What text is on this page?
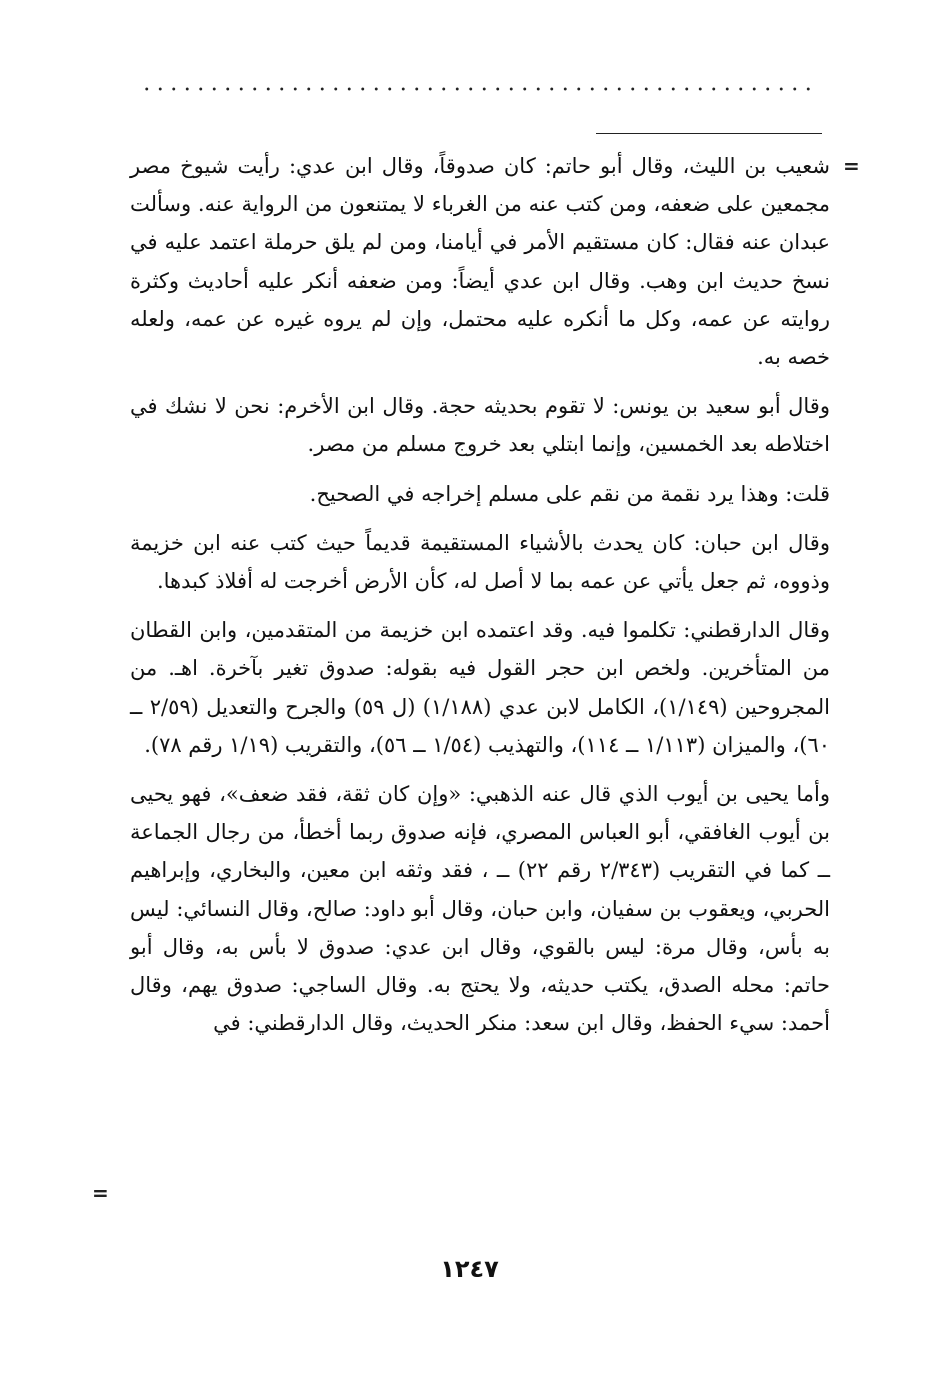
=

شعيب بن الليث، وقال أبو حاتم: كان صدوقاً، وقال ابن عدي: رأيت شيوخ مصر مجمعين على ضعفه، ومن كتب عنه من الغرباء لا يمتنعون من الرواية عنه. وسألت عبدان عنه فقال: كان مستقيم الأمر في أيامنا، ومن لم يلق حرملة اعتمد عليه في نسخ حديث ابن وهب. وقال ابن عدي أيضاً: ومن ضعفه أنكر عليه أحاديث وكثرة روايته عن عمه، وكل ما أنكره عليه محتمل، وإن لم يروه غيره عن عمه، ولعله خصه به.

وقال أبو سعيد بن يونس: لا تقوم بحديثه حجة. وقال ابن الأخرم: نحن لا نشك في اختلاطه بعد الخمسين، وإنما ابتلي بعد خروج مسلم من مصر.

قلت: وهذا يرد نقمة من نقم على مسلم إخراجه في الصحيح.

وقال ابن حبان: كان يحدث بالأشياء المستقيمة قديماً حيث كتب عنه ابن خزيمة وذووه، ثم جعل يأتي عن عمه بما لا أصل له، كأن الأرض أخرجت له أفلاذ كبدها.

وقال الدارقطني: تكلموا فيه. وقد اعتمده ابن خزيمة من المتقدمين، وابن القطان من المتأخرين. ولخص ابن حجر القول فيه بقوله: صدوق تغير بآخرة. اهـ. من المجروحين (١/١٤٩)، الكامل لابن عدي (١/١٨٨) (ل ٥٩) والجرح والتعديل (٢/٥٩ ــ ٦٠)، والميزان (١/١١٣ ــ ١١٤)، والتهذيب (١/٥٤ ــ ٥٦)، والتقريب (١/١٩ رقم ٧٨).

وأما يحيى بن أيوب الذي قال عنه الذهبي: «وإن كان ثقة، فقد ضعف»، فهو يحيى بن أيوب الغافقي، أبو العباس المصري، فإنه صدوق ربما أخطأ، من رجال الجماعة ــ كما في التقريب (٢/٣٤٣ رقم ٢٢) ــ ، فقد وثقه ابن معين، والبخاري، وإبراهيم الحربي، ويعقوب بن سفيان، وابن حبان، وقال أبو داود: صالح، وقال النسائي: ليس به بأس، وقال مرة: ليس بالقوي، وقال ابن عدي: صدوق لا بأس به، وقال أبو حاتم: محله الصدق، يكتب حديثه، ولا يحتج به. وقال الساجي: صدوق يهم، وقال أحمد: سيء الحفظ، وقال ابن سعد: منكر الحديث، وقال الدارقطني: في

=
١٢٤٧
